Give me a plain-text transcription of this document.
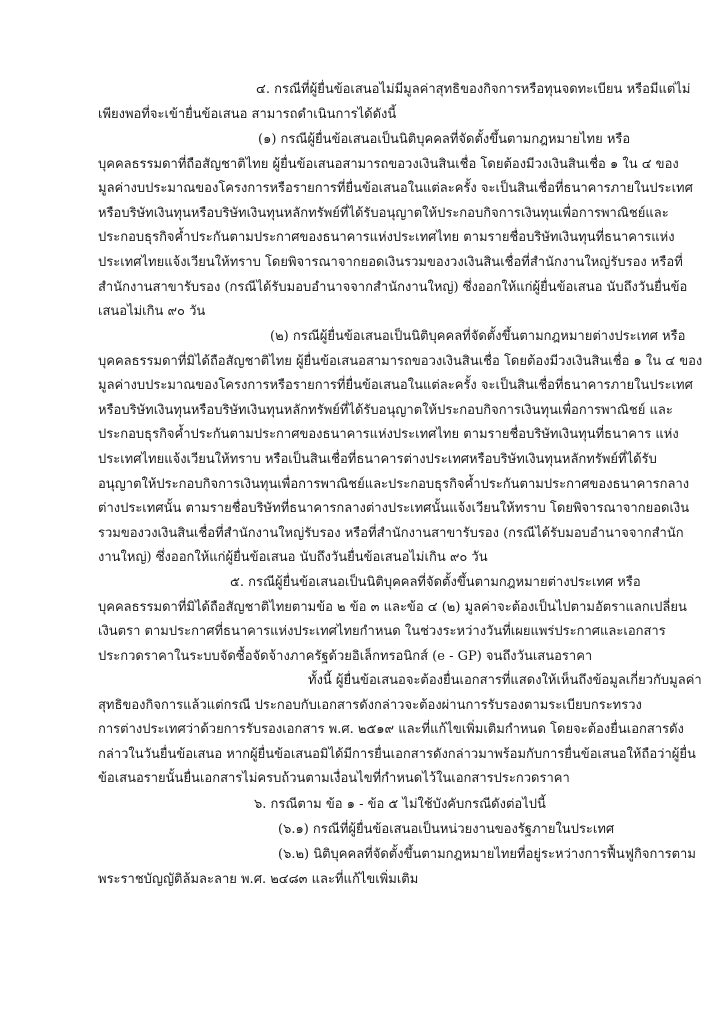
๔. กรณีที่ผู้ยื่นข้อเสนอไม่มีมูลค่าสุทธิของกิจการหรือทุนจดทะเบียน หรือมีแต่ไม่
เพียงพอที่จะเข้ายื่นข้อเสนอ สามารถดำเนินการได้ดังนี้
(๑) กรณีผู้ยื่นข้อเสนอเป็นนิติบุคคลที่จัดตั้งขึ้นตามกฎหมายไทย หรือ
บุคคลธรรมดาที่ถือสัญชาติไทย ผู้ยื่นข้อเสนอสามารถขอวงเงินสินเชื่อ โดยต้องมีวงเงินสินเชื่อ ๑ ใน ๔ ของ
มูลค่างบประมาณของโครงการหรือรายการที่ยื่นข้อเสนอในแต่ละครั้ง จะเป็นสินเชื่อที่ธนาคารภายในประเทศ
หรือบริษัทเงินทุนหรือบริษัทเงินทุนหลักทรัพย์ที่ได้รับอนุญาตให้ประกอบกิจการเงินทุนเพื่อการพาณิชย์และ
ประกอบธุรกิจค้ำประกันตามประกาศของธนาคารแห่งประเทศไทย ตามรายชื่อบริษัทเงินทุนที่ธนาคารแห่ง
ประเทศไทยแจ้งเวียนให้ทราบ โดยพิจารณาจากยอดเงินรวมของวงเงินสินเชื่อที่สำนักงานใหญ่รับรอง หรือที่
สำนักงานสาขารับรอง (กรณีได้รับมอบอำนาจจากสำนักงานใหญ่) ซึ่งออกให้แก่ผู้ยื่นข้อเสนอ นับถึงวันยื่นข้อ
เสนอไม่เกิน ๙๐ วัน
(๒) กรณีผู้ยื่นข้อเสนอเป็นนิติบุคคลที่จัดตั้งขึ้นตามกฎหมายต่างประเทศ หรือ
บุคคลธรรมดาที่มิได้ถือสัญชาติไทย ผู้ยื่นข้อเสนอสามารถขอวงเงินสินเชื่อ โดยต้องมีวงเงินสินเชื่อ ๑ ใน ๔ ของ
มูลค่างบประมาณของโครงการหรือรายการที่ยื่นข้อเสนอในแต่ละครั้ง จะเป็นสินเชื่อที่ธนาคารภายในประเทศ
หรือบริษัทเงินทุนหรือบริษัทเงินทุนหลักทรัพย์ที่ได้รับอนุญาตให้ประกอบกิจการเงินทุนเพื่อการพาณิชย์ และ
ประกอบธุรกิจค้ำประกันตามประกาศของธนาคารแห่งประเทศไทย ตามรายชื่อบริษัทเงินทุนที่ธนาคาร แห่ง
ประเทศไทยแจ้งเวียนให้ทราบ หรือเป็นสินเชื่อที่ธนาคารต่างประเทศหรือบริษัทเงินทุนหลักทรัพย์ที่ได้รับ
อนุญาตให้ประกอบกิจการเงินทุนเพื่อการพาณิชย์และประกอบธุรกิจค้ำประกันตามประกาศของธนาคารกลาง
ต่างประเทศนั้น ตามรายชื่อบริษัทที่ธนาคารกลางต่างประเทศนั้นแจ้งเวียนให้ทราบ โดยพิจารณาจากยอดเงิน
รวมของวงเงินสินเชื่อที่สำนักงานใหญ่รับรอง หรือที่สำนักงานสาขารับรอง (กรณีได้รับมอบอำนาจจากสำนัก
งานใหญ่) ซึ่งออกให้แก่ผู้ยื่นข้อเสนอ นับถึงวันยื่นข้อเสนอไม่เกิน ๙๐ วัน
๕. กรณีผู้ยื่นข้อเสนอเป็นนิติบุคคลที่จัดตั้งขึ้นตามกฎหมายต่างประเทศ หรือ
บุคคลธรรมดาที่มิได้ถือสัญชาติไทยตามข้อ ๒ ข้อ ๓ และข้อ ๔ (๒) มูลค่าจะต้องเป็นไปตามอัตราแลกเปลี่ยน
เงินตรา ตามประกาศที่ธนาคารแห่งประเทศไทยกำหนด ในช่วงระหว่างวันที่เผยแพร่ประกาศและเอกสาร
ประกวดราคาในระบบจัดซื้อจัดจ้างภาครัฐด้วยอิเล็กทรอนิกส์ (e - GP) จนถึงวันเสนอราคา
ทั้งนี้ ผู้ยื่นข้อเสนอจะต้องยื่นเอกสารที่แสดงให้เห็นถึงข้อมูลเกี่ยวกับมูลค่า
สุทธิของกิจการแล้วแต่กรณี ประกอบกับเอกสารดังกล่าวจะต้องผ่านการรับรองตามระเบียบกระทรวง
การต่างประเทศว่าด้วยการรับรองเอกสาร พ.ศ. ๒๕๑๙ และที่แก้ไขเพิ่มเติมกำหนด โดยจะต้องยื่นเอกสารดัง
กล่าวในวันยื่นข้อเสนอ หากผู้ยื่นข้อเสนอมิได้มีการยื่นเอกสารดังกล่าวมาพร้อมกับการยื่นข้อเสนอให้ถือว่าผู้ยื่น
ข้อเสนอรายนั้นยื่นเอกสารไม่ครบถ้วนตามเงื่อนไขที่กำหนดไว้ในเอกสารประกวดราคา
๖. กรณีตาม ข้อ ๑ - ข้อ ๕ ไม่ใช้บังคับกรณีดังต่อไปนี้
(๖.๑) กรณีที่ผู้ยื่นข้อเสนอเป็นหน่วยงานของรัฐภายในประเทศ
(๖.๒) นิติบุคคลที่จัดตั้งขึ้นตามกฎหมายไทยที่อยู่ระหว่างการฟื้นฟูกิจการตาม
พระราชบัญญัติล้มละลาย พ.ศ. ๒๔๘๓ และที่แก้ไขเพิ่มเติม
